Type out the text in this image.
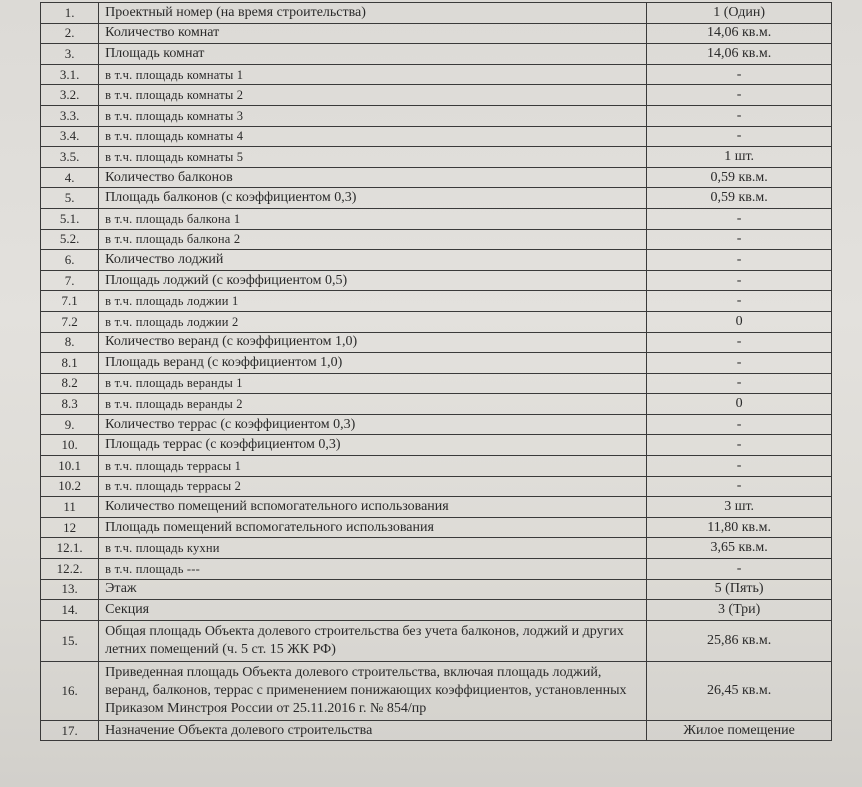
1.	Проектный номер (на время строительства)	1 (Один)
2.	Количество комнат	14,06 кв.м.
3.	Площадь комнат	14,06 кв.м.
3.1.	в т.ч. площадь комнаты 1	-
3.2.	в т.ч. площадь комнаты 2	-
3.3.	в т.ч. площадь комнаты 3	-
3.4.	в т.ч. площадь комнаты 4	-
3.5.	в т.ч. площадь комнаты 5	1 шт.
4.	Количество балконов	0,59 кв.м.
5.	Площадь балконов (с коэффициентом 0,3)	0,59 кв.м.
5.1.	в т.ч. площадь балкона 1	-
5.2.	в т.ч. площадь балкона 2	-
6.	Количество лоджий	-
7.	Площадь лоджий (с коэффициентом 0,5)	-
7.1	в т.ч. площадь лоджии 1	-
7.2	в т.ч. площадь лоджии 2	0
8.	Количество веранд (с коэффициентом 1,0)	-
8.1	Площадь веранд (с коэффициентом 1,0)	-
8.2	в т.ч. площадь веранды 1	-
8.3	в т.ч. площадь веранды 2	0
9.	Количество террас (с коэффициентом 0,3)	-
10.	Площадь террас (с коэффициентом 0,3)	-
10.1	в т.ч. площадь террасы 1	-
10.2	в т.ч. площадь террасы 2	-
11	Количество помещений вспомогательного использования	3 шт.
12	Площадь помещений вспомогательного использования	11,80 кв.м.
12.1.	в т.ч. площадь кухни	3,65 кв.м.
12.2.	в т.ч. площадь ---	-
13.	Этаж	5 (Пять)
14.	Секция	3 (Три)
15.	Общая площадь Объекта долевого строительства без учета балконов, лоджий и других летних помещений (ч. 5 ст. 15 ЖК РФ)	25,86 кв.м.
16.	Приведенная площадь Объекта долевого строительства, включая площадь лоджий, веранд, балконов, террас с применением понижающих коэффициентов, установленных Приказом Минстроя России от 25.11.2016 г. № 854/пр	26,45 кв.м.
17.	Назначение Объекта долевого строительства	Жилое помещение
